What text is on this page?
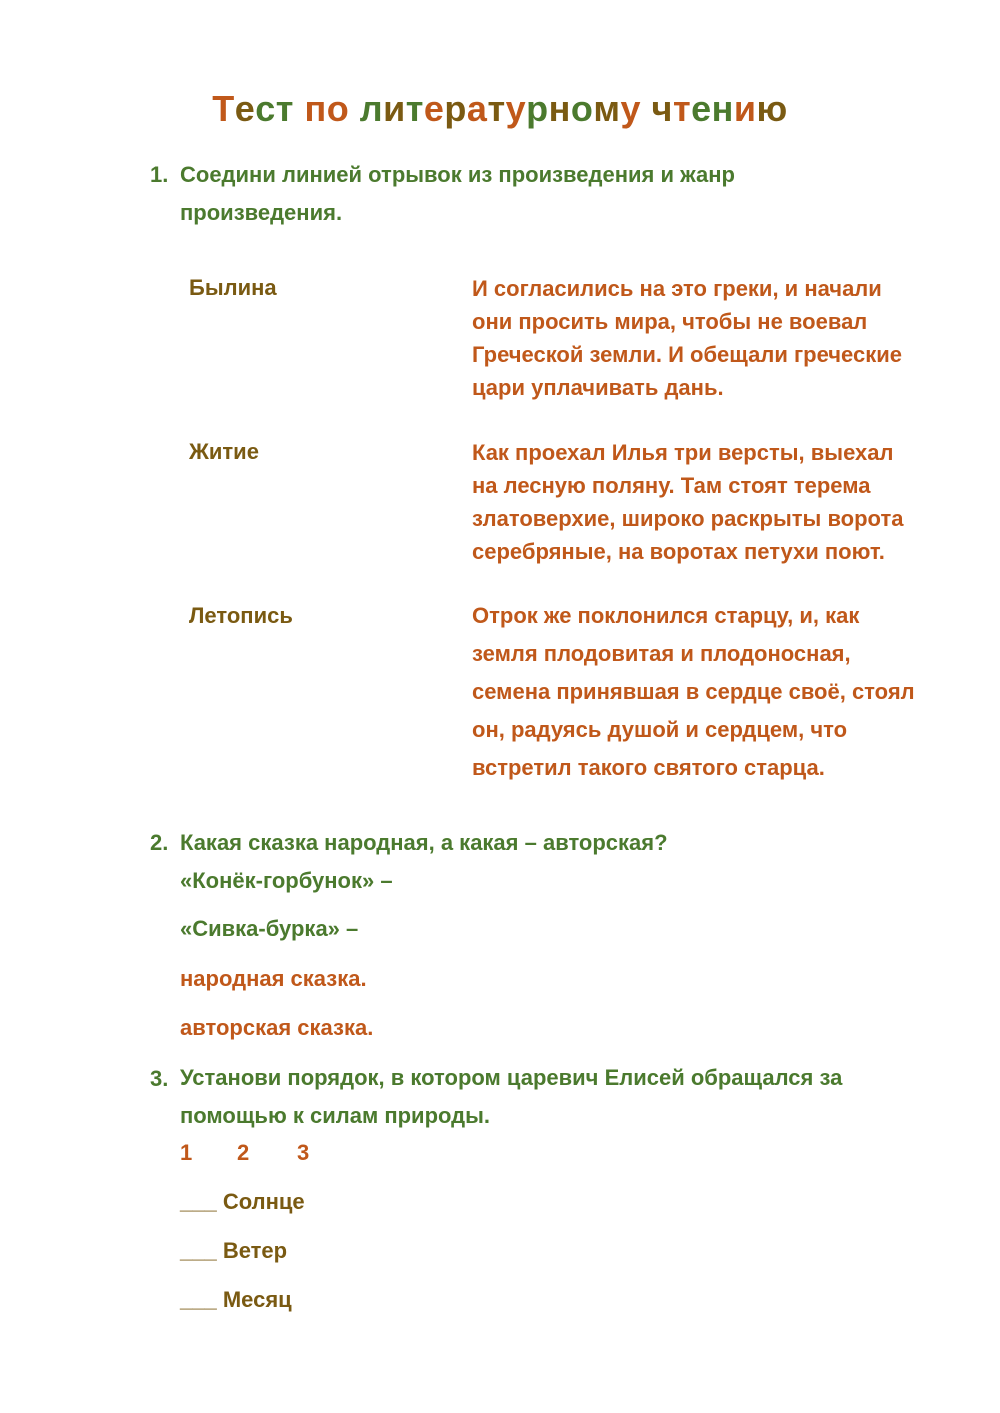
Тест по литературному чтению
1. Соедини линией отрывок из произведения и жанр
произведения.
Былина	И согласились на это греки, и начали
они просить мира, чтобы не воевал
Греческой земли. И обещали греческие
цари уплачивать дань.
Житие	Как проехал Илья три версты, выехал
на лесную поляну. Там стоят терема
златоверхие, широко раскрыты ворота
серебряные, на воротах петухи поют.
Летопись	Отрок же поклонился старцу, и, как
земля плодовитая и плодоносная,
семена принявшая в сердце своё, стоял
он, радуясь душой и сердцем, что
встретил такого святого старца.
2. Какая сказка народная, а какая – авторская?
«Конёк-горбунок» –
«Сивка-бурка» –
народная сказка.
авторская сказка.
3. Установи порядок, в котором царевич Елисей обращался за
помощью к силам природы.
1 2 3
___ Солнце
___ Ветер
___ Месяц
